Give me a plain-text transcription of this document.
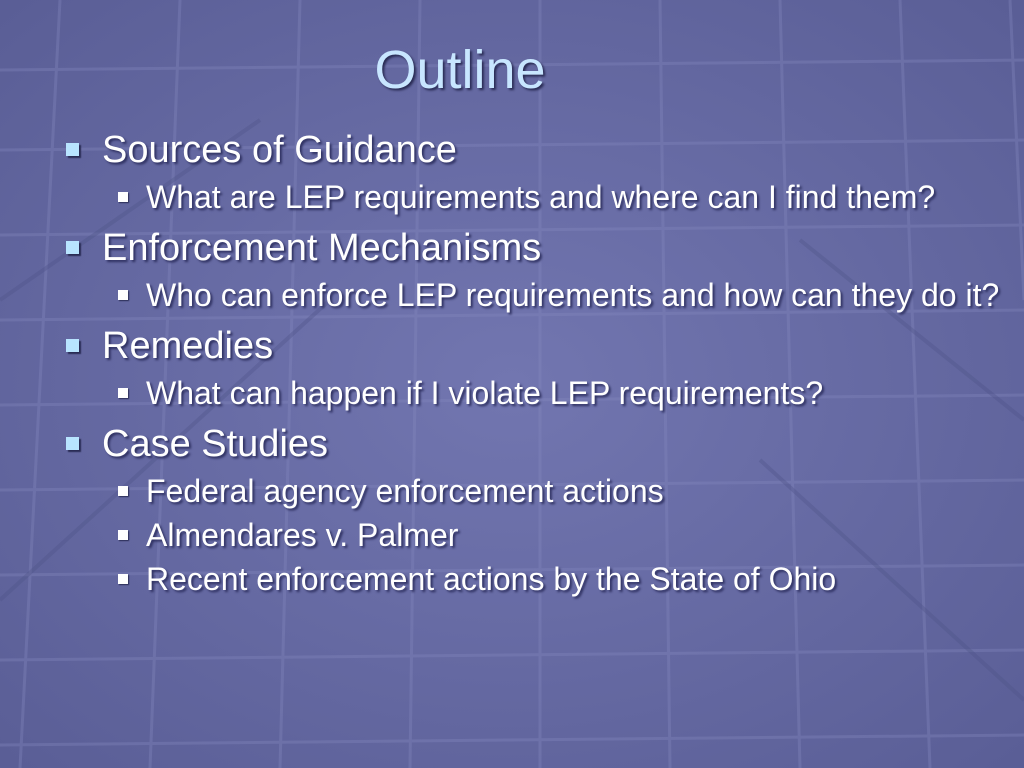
Outline
Sources of Guidance
What are LEP requirements and where can I find them?
Enforcement Mechanisms
Who can enforce LEP requirements and how can they do it?
Remedies
What can happen if I violate LEP requirements?
Case Studies
Federal agency enforcement actions
Almendares v. Palmer
Recent enforcement actions by the State of Ohio
